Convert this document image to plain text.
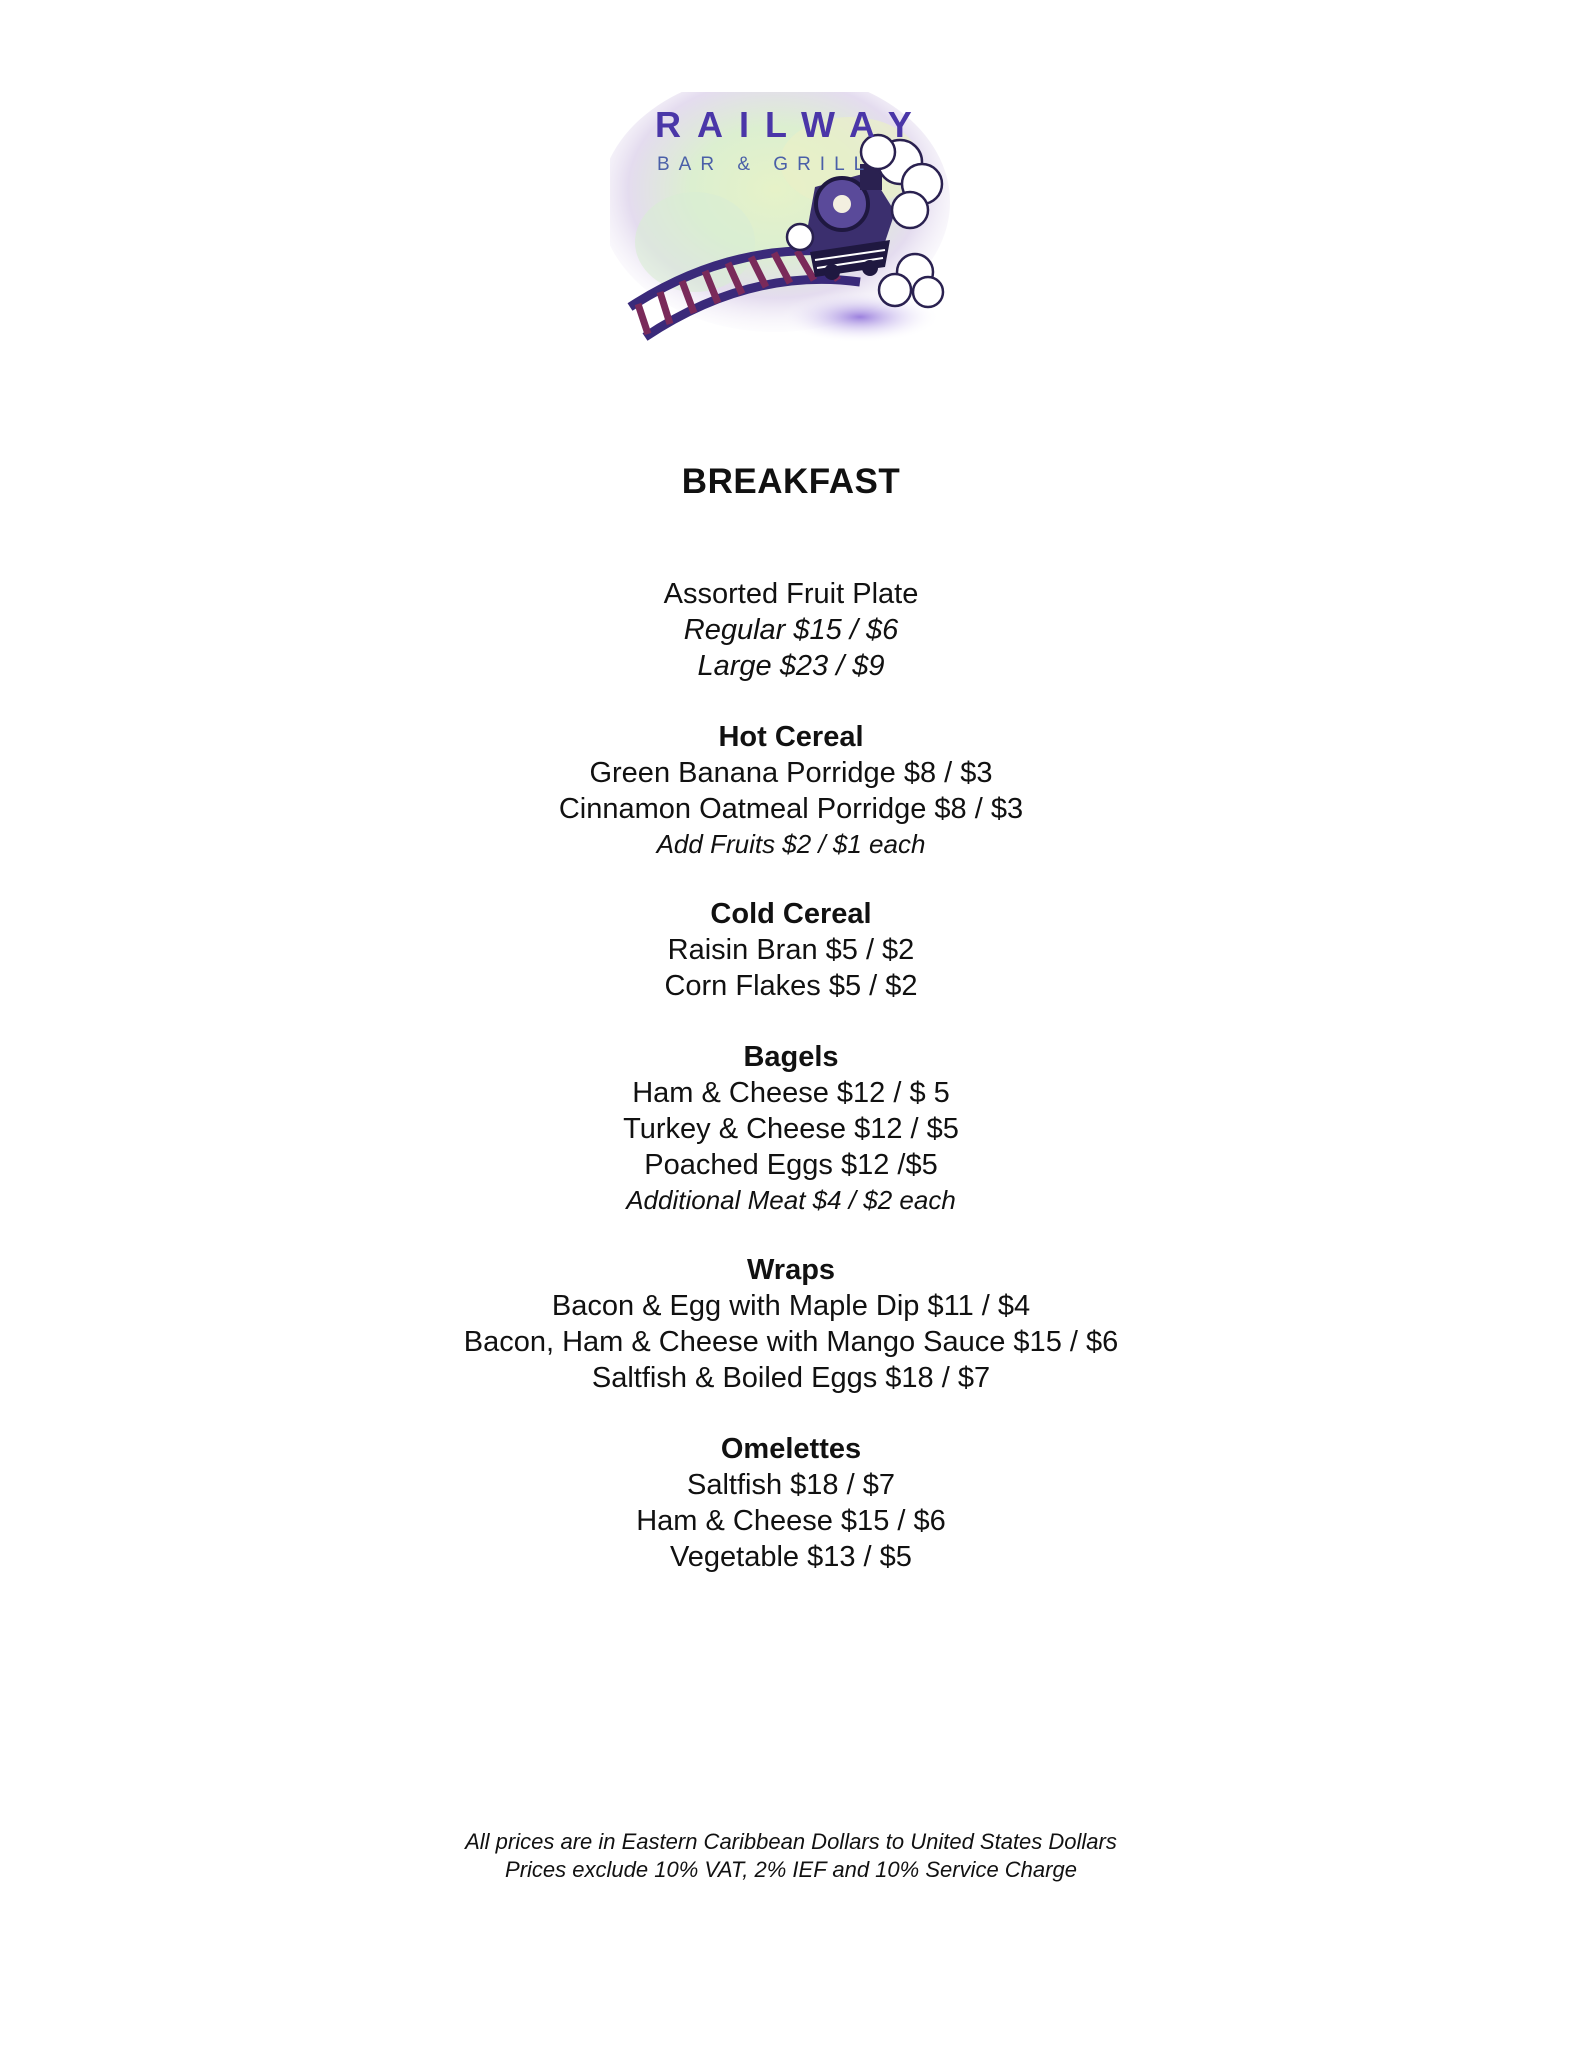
RAILWAY
BAR & GRILL
BREAKFAST
Assorted Fruit Plate
Regular $15 / $6
Large $23 / $9
Hot Cereal
Green Banana Porridge $8 / $3
Cinnamon Oatmeal Porridge $8 / $3
Add Fruits $2 / $1 each
Cold Cereal
Raisin Bran $5 / $2
Corn Flakes $5 / $2
Bagels
Ham & Cheese $12 / $ 5
Turkey & Cheese $12 / $5
Poached Eggs $12 /$5
Additional Meat $4 / $2 each
Wraps
Bacon & Egg with Maple Dip $11 / $4
Bacon, Ham & Cheese with Mango Sauce $15 / $6
Saltfish & Boiled Eggs $18 / $7
Omelettes
Saltfish $18 / $7
Ham & Cheese $15 / $6
Vegetable $13 / $5
All prices are in Eastern Caribbean Dollars to United States Dollars
Prices exclude 10% VAT, 2% IEF and 10% Service Charge
